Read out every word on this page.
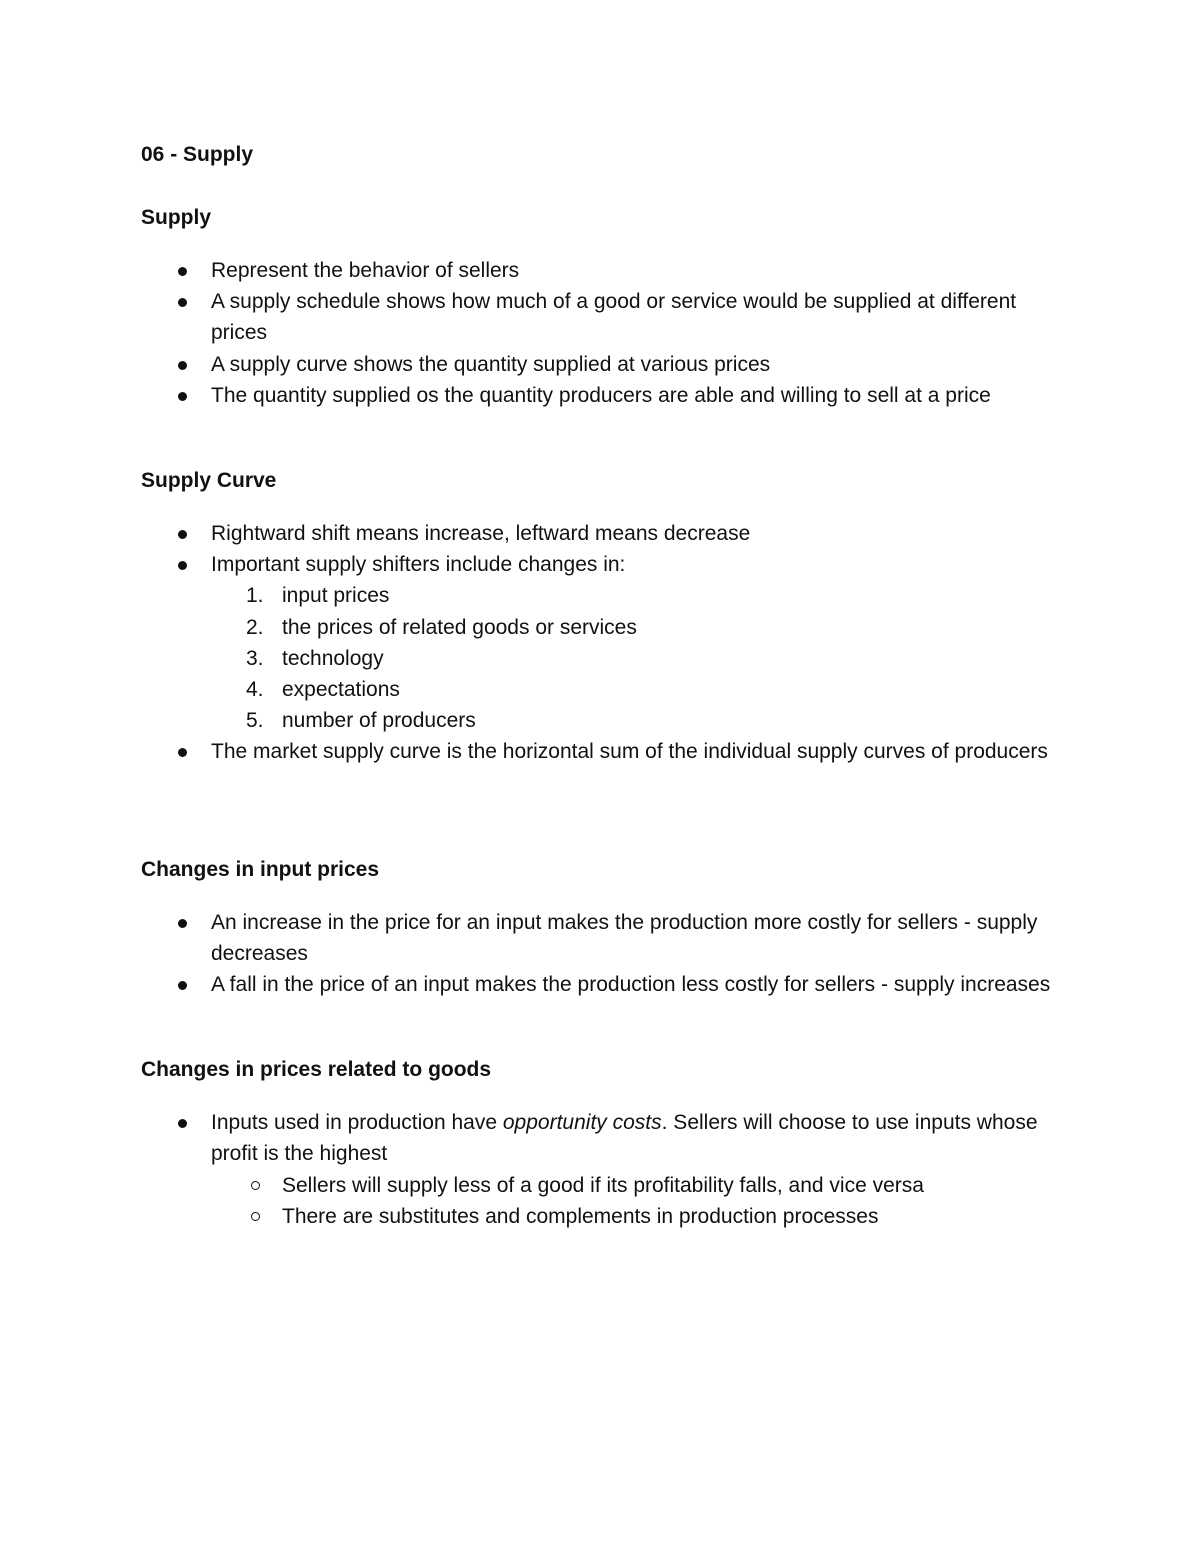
06 - Supply
Supply
Represent the behavior of sellers
A supply schedule shows how much of a good or service would be supplied at different prices
A supply curve shows the quantity supplied at various prices
The quantity supplied os the quantity producers are able and willing to sell at a price
Supply Curve
Rightward shift means increase, leftward means decrease
Important supply shifters include changes in:
1. input prices
2. the prices of related goods or services
3. technology
4. expectations
5. number of producers
The market supply curve is the horizontal sum of the individual supply curves of producers
Changes in input prices
An increase in the price for an input makes the production more costly for sellers - supply decreases
A fall in the price of an input makes the production less costly for sellers - supply increases
Changes in prices related to goods
Inputs used in production have opportunity costs. Sellers will choose to use inputs whose profit is the highest
Sellers will supply less of a good if its profitability falls, and vice versa
There are substitutes and complements in production processes
